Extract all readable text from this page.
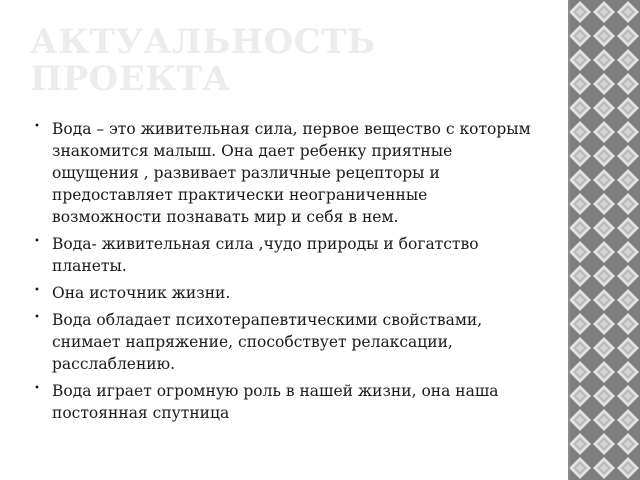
АКТУАЛЬНОСТЬ ПРОЕКТА
• Вода – это живительная сила, первое вещество с которым знакомится малыш. Она дает ребенку приятные ощущения , развивает различные рецепторы и предоставляет практически неограниченные возможности познавать мир и себя в нем.
• Вода- живительная сила ,чудо природы и богатство планеты.
• Она источник жизни.
• Вода обладает психотерапевтическими свойствами, снимает напряжение, способствует релаксации, расслаблению.
• Вода играет огромную роль в нашей жизни, она наша постоянная спутница
